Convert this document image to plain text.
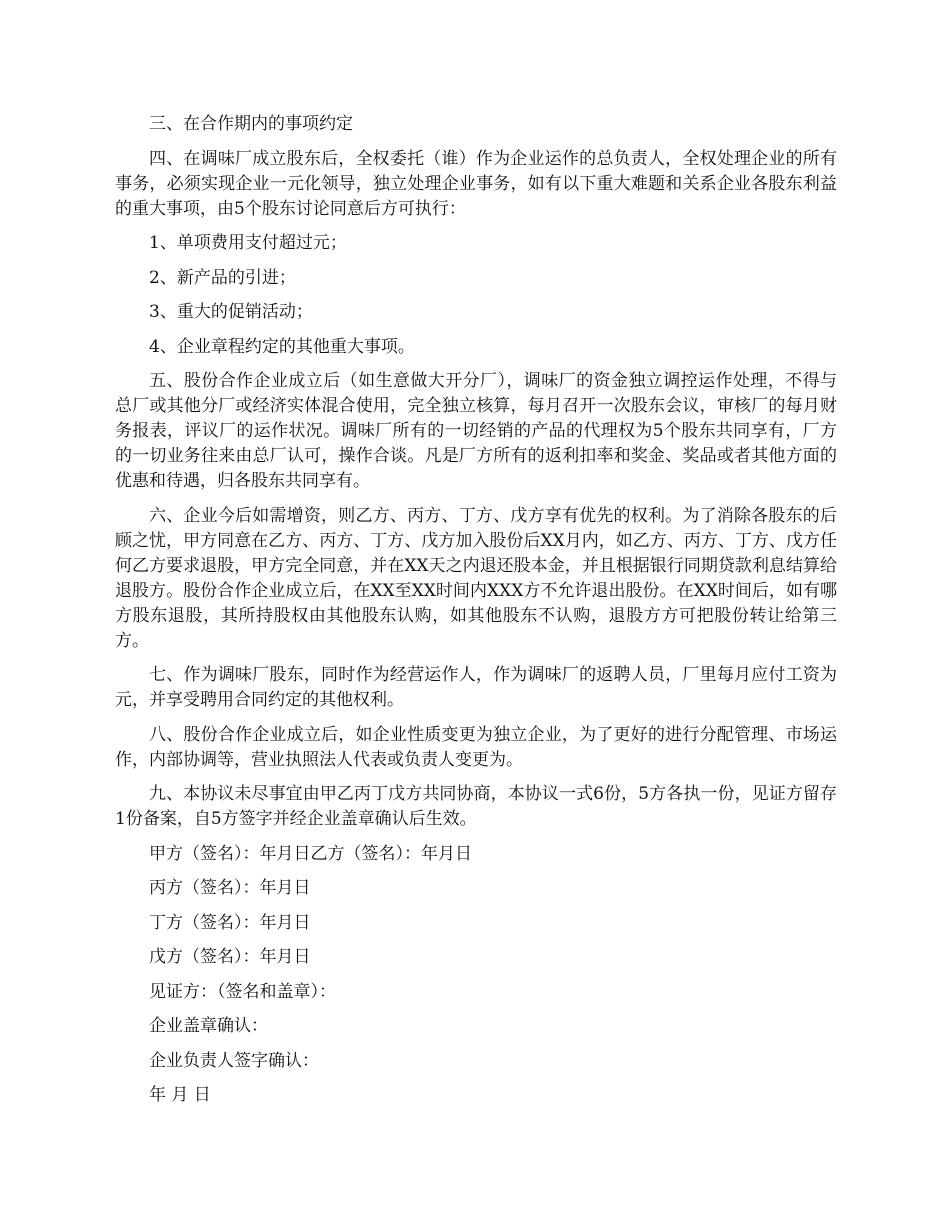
三、在合作期内的事项约定

四、在调味厂成立股东后，全权委托（谁）作为企业运作的总负责人，全权处理企业的所有事务，必须实现企业一元化领导，独立处理企业事务，如有以下重大难题和关系企业各股东利益的重大事项，由5个股东讨论同意后方可执行：

1、单项费用支付超过元；

2、新产品的引进；

3、重大的促销活动；

4、企业章程约定的其他重大事项。

五、股份合作企业成立后（如生意做大开分厂），调味厂的资金独立调控运作处理，不得与总厂或其他分厂或经济实体混合使用，完全独立核算，每月召开一次股东会议，审核厂的每月财务报表，评议厂的运作状况。调味厂所有的一切经销的产品的代理权为5个股东共同享有，厂方的一切业务往来由总厂认可，操作合谈。凡是厂方所有的返利扣率和奖金、奖品或者其他方面的优惠和待遇，归各股东共同享有。

六、企业今后如需增资，则乙方、丙方、丁方、戊方享有优先的权利。为了消除各股东的后顾之忧，甲方同意在乙方、丙方、丁方、戊方加入股份后XX月内，如乙方、丙方、丁方、戊方任何乙方要求退股，甲方完全同意，并在XX天之内退还股本金，并且根据银行同期贷款利息结算给退股方。股份合作企业成立后，在XX至XX时间内XXX方不允许退出股份。在XX时间后，如有哪方股东退股，其所持股权由其他股东认购，如其他股东不认购，退股方方可把股份转让给第三方。

七、作为调味厂股东，同时作为经营运作人，作为调味厂的返聘人员，厂里每月应付工资为元，并享受聘用合同约定的其他权利。

八、股份合作企业成立后，如企业性质变更为独立企业，为了更好的进行分配管理、市场运作，内部协调等，营业执照法人代表或负责人变更为。

九、本协议未尽事宜由甲乙丙丁戊方共同协商，本协议一式6份，5方各执一份，见证方留存1份备案，自5方签字并经企业盖章确认后生效。

甲方（签名）：年月日乙方（签名）：年月日

丙方（签名）：年月日

丁方（签名）：年月日

戊方（签名）：年月日

见证方：（签名和盖章）：

企业盖章确认：

企业负责人签字确认：

年 月 日
